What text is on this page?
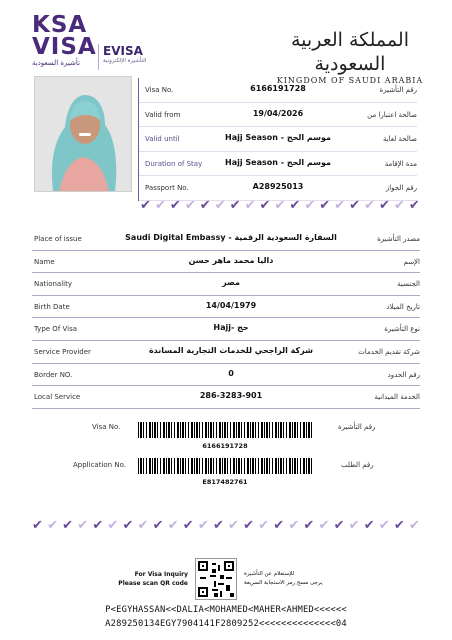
KSA
VISA
تأشيرة السعودية
EVISA
التأشيرة الإلكترونية
المملكة العربية السعودية
KINGDOM OF SAUDI ARABIA
Visa No.	6166191728	رقم التأشيرة
Valid from	19/04/2026	صالحة اعتبارا من
Valid until	Hajj Season - موسم الحج	صالحة لغاية
Duration of Stay	Hajj Season - موسم الحج	مدة الإقامة
Passport No.	A28925013	رقم الجواز
✔ ✔ ✔ ✔ ✔ ✔ ✔ ✔ ✔ ✔ ✔ ✔ ✔ ✔ ✔ ✔ ✔ ✔ ✔
Place of issue	Saudi Digital Embassy - السفارة السعودية الرقمية	مصدر التأشيرة
Name	داليا محمد ماهر حسن	الإسم
Nationality	مصر	الجنسية
Birth Date	14/04/1979	تاريخ الميلاد
Type Of Visa	Hajj- حج	نوع التأشيرة
Service Provider	شركة الراجحي للخدمات التجارية المساندة	شركة تقديم الخدمات
Border NO.	0	رقم الحدود
Local Service	286-3283-901	الخدمة الميدانية
Visa No.	رقم التأشيرة
6166191728
Application No.	رقم الطلب
E817482761
✔ ✔ ✔ ✔ ✔ ✔ ✔ ✔ ✔ ✔ ✔ ✔ ✔ ✔ ✔ ✔ ✔ ✔ ✔ ✔ ✔ ✔ ✔ ✔ ✔ ✔
For Visa Inquiry
Please scan QR code
للإستعلام عن التأشيرة
يرجى مسح رمز الاستجابة السريعة
P<EGYHASSAN<<DALIA<MOHAMED<MAHER<AHMED<<<<<<
A289250134EGY7904141F2809252<<<<<<<<<<<<<<04
